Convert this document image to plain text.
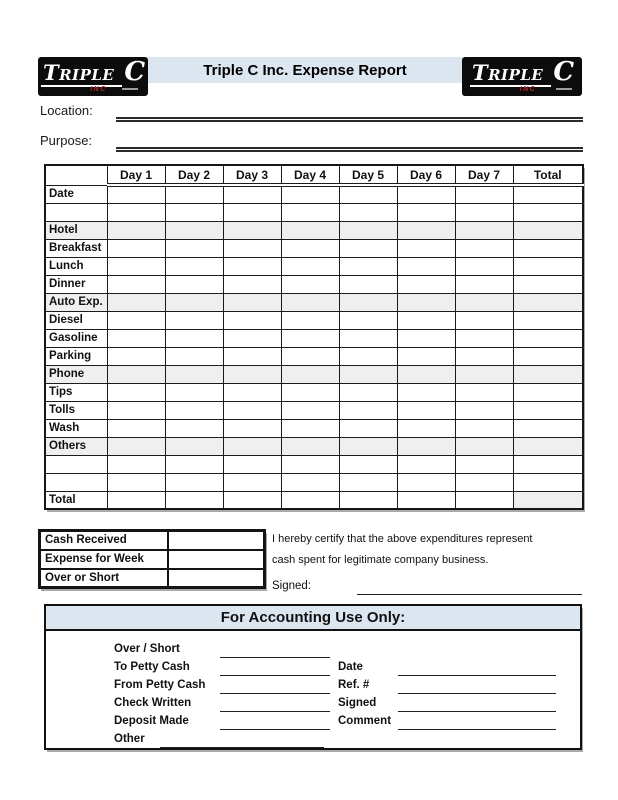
TRIPLE C
INC
Triple C Inc. Expense Report	TRIPLE C
INC
Location:
Purpose:
	Day 1	Day 2	Day 3	Day 4	Day 5	Day 6	Day 7	Total
Date								

Hotel								
Breakfast								
Lunch								
Dinner								
Auto Exp.								
Diesel								
Gasoline								
Parking								
Phone								
Tips								
Tolls								
Wash								
Others								

Total								
Cash Received	
Expense for Week	
Over or Short	

I hereby certify that the above expenditures represent

cash spent for legitimate company business.

Signed:
For Accounting Use Only:
Over / Short
To Petty Cash	Date
From Petty Cash	Ref. #
Check Written	Signed
Deposit Made	Comment
Other
